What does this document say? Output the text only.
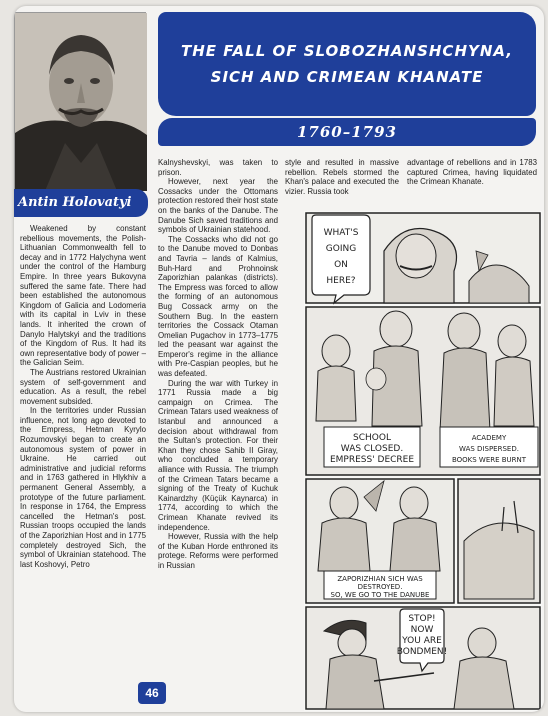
Antin Holovatyi
THE FALL OF SLOBOZHANSHCHYNA,
SICH AND CRIMEAN KHANATE
1760–1793

Weakened by constant rebellious movements, the Polish-Lithuanian Commonwealth fell to decay and in 1772 Halychyna went under the control of the Hamburg Empire. In three years Bukovyna suffered the same fate. There had been established the autonomous Kingdom of Galicia and Lodomeria with its capital in Lviv in these lands. It inherited the crown of Danylo Halytskyi and the traditions of the Kingdom of Rus. It had its own representative body of power – the Galician Seim.

The Austrians restored Ukrainian system of self-government and education. As a result, the rebel movement subsided.

In the territories under Russian influence, not long ago devoted to the Empress, Hetman Kyrylo Rozumovskyi began to create an autonomous system of power in Ukraine. He carried out administrative and judicial reforms and in 1763 gathered in Hlykhiv a permanent General Assembly, a prototype of the future parliament. In response in 1764, the Empress cancelled the Hetman's post. Russian troops occupied the lands of the Zaporizhian Host and in 1775 completely destroyed Sich, the symbol of Ukrainian statehood. The last Koshovyi, Petro

Kalnyshevskyi, was taken to prison.

However, next year the Cossacks under the Ottomans protection restored their host state on the banks of the Danube. The Danube Sich saved traditions and symbols of Ukrainian statehood.

The Cossacks who did not go to the Danube moved to Donbas and Tavria – lands of Kalmius, Buh-Hard and Prohnoinsk Zaporizhian palankas (districts). The Empress was forced to allow the forming of an autonomous Bug Cossack army on the Southern Bug. In the eastern territories the Cossack Otaman Omelian Pugachov in 1773–1775 led the peasant war against the Emperor's regime in the alliance with Pre-Caspian peoples, but he was defeated.

During the war with Turkey in 1771 Russia made a big campaign on Crimea. The Crimean Tatars used weakness of Istanbul and announced a decision about withdrawal from the Sultan's protection. For their Khan they chose Sahib II Giray, who concluded a temporary alliance with Russia. The triumph of the Crimean Tatars became a signing of the Treaty of Kuchuk Kainardzhy (Küçük Kaynarca) in 1774, according to which the Crimean Khanate revived its independence.

However, Russia with the help of the Kuban Horde enthroned its protege. Reforms were performed in Russian

style and resulted in massive rebellion. Rebels stormed the Khan's palace and executed the vizier. Russia took

advantage of rebellions and in 1783 captured Crimea, having liquidated the Crimean Khanate.

WHAT'S
GOING
ON
HERE?
SCHOOL
WAS CLOSED.
EMPRESS' DECREE
ACADEMY
WAS DISPERSED.
BOOKS WERE BURNT
ZAPORIZHIAN SICH WAS
DESTROYED.
SO, WE GO TO THE DANUBE
STOP!
NOW
YOU ARE
BONDMEN!
46
